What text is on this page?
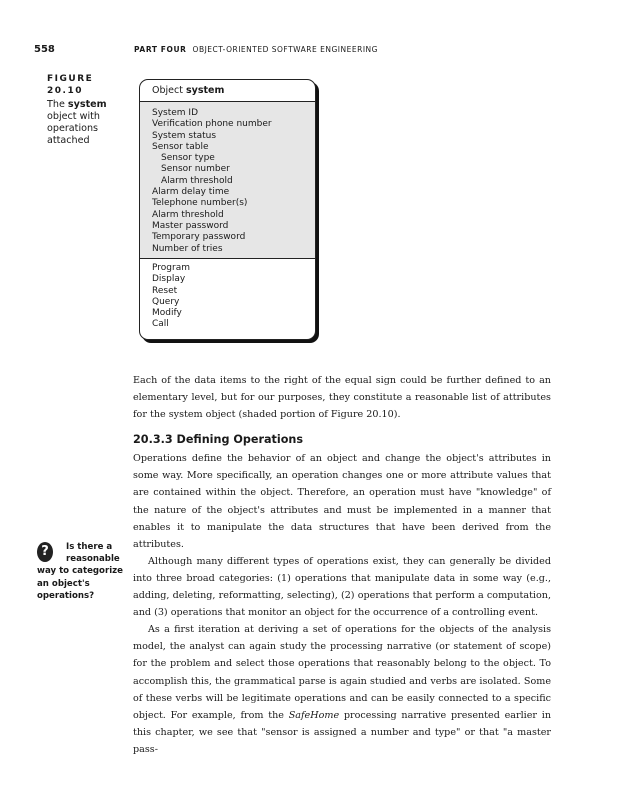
558	PART FOUR OBJECT-ORIENTED SOFTWARE ENGINEERING
FIGURE 20.10
The system object with operations attached
Object system
System ID
Verification phone number
System status
Sensor table
Sensor type
Sensor number
Alarm threshold
Alarm delay time
Telephone number(s)
Alarm threshold
Master password
Temporary password
Number of tries
Program
Display
Reset
Query
Modify
Call

Each of the data items to the right of the equal sign could be further defined to an elementary level, but for our purposes, they constitute a reasonable list of attributes for the system object (shaded portion of Figure 20.10).

20.3.3 Defining Operations

Operations define the behavior of an object and change the object's attributes in some way. More specifically, an operation changes one or more attribute values that are contained within the object. Therefore, an operation must have "knowledge" of the nature of the object's attributes and must be implemented in a manner that enables it to manipulate the data structures that have been derived from the attributes.

Although many different types of operations exist, they can generally be divided into three broad categories: (1) operations that manipulate data in some way (e.g., adding, deleting, reformatting, selecting), (2) operations that perform a computation, and (3) operations that monitor an object for the occurrence of a controlling event.

As a first iteration at deriving a set of operations for the objects of the analysis model, the analyst can again study the processing narrative (or statement of scope) for the problem and select those operations that reasonably belong to the object. To accomplish this, the grammatical parse is again studied and verbs are isolated. Some of these verbs will be legitimate operations and can be easily connected to a specific object. For example, from the SafeHome processing narrative presented earlier in this chapter, we see that "sensor is assigned a number and type" or that "a master pass-

?	Is there a
reasonable
way to categorize
an object's
operations?
